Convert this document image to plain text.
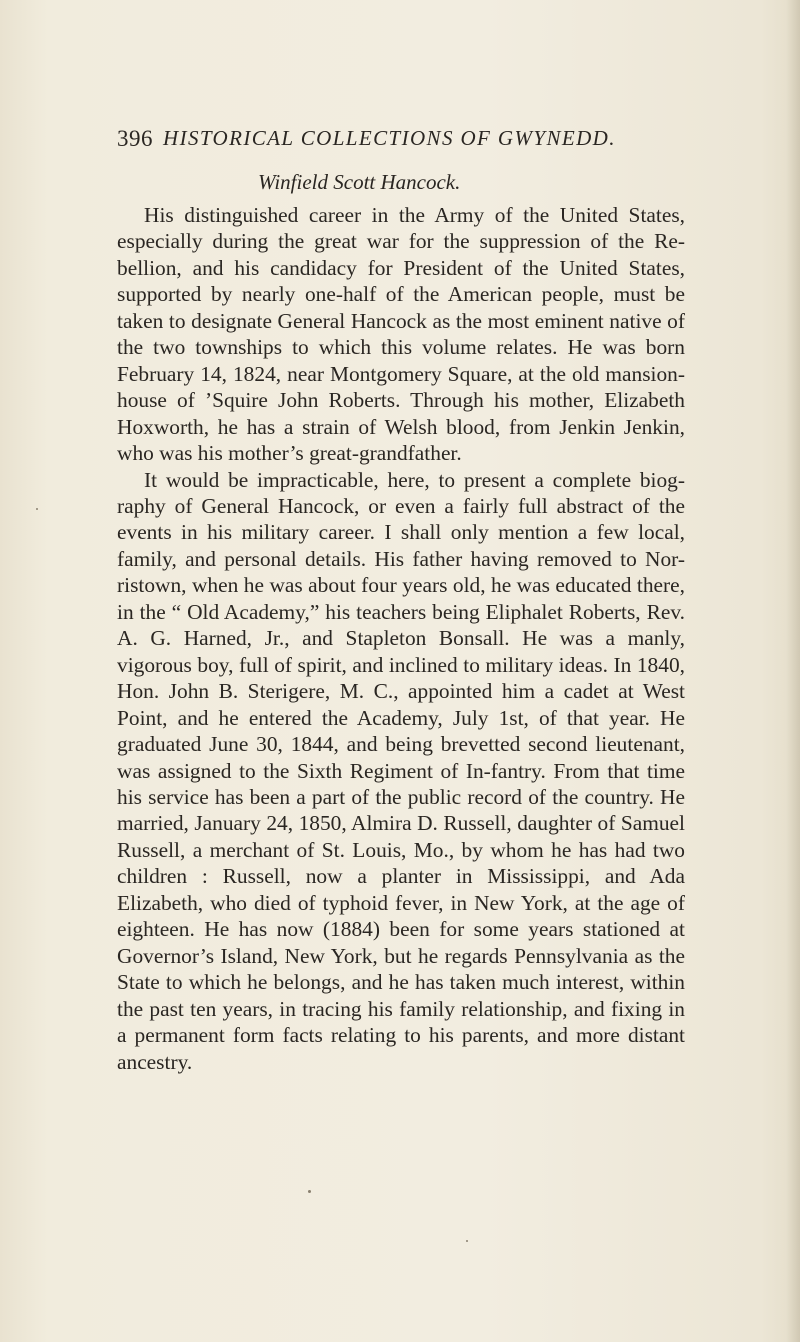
396 HISTORICAL COLLECTIONS OF GWYNEDD.
Winfield Scott Hancock.

His distinguished career in the Army of the United States, especially during the great war for the suppression of the Re-bellion, and his candidacy for President of the United States, supported by nearly one-half of the American people, must be taken to designate General Hancock as the most eminent native of the two townships to which this volume relates. He was born February 14, 1824, near Montgomery Square, at the old mansion-house of ’Squire John Roberts. Through his mother, Elizabeth Hoxworth, he has a strain of Welsh blood, from Jenkin Jenkin, who was his mother’s great-grandfather.

It would be impracticable, here, to present a complete biog-raphy of General Hancock, or even a fairly full abstract of the events in his military career. I shall only mention a few local, family, and personal details. His father having removed to Nor-ristown, when he was about four years old, he was educated there, in the “ Old Academy,” his teachers being Eliphalet Roberts, Rev. A. G. Harned, Jr., and Stapleton Bonsall. He was a manly, vigorous boy, full of spirit, and inclined to military ideas. In 1840, Hon. John B. Sterigere, M. C., appointed him a cadet at West Point, and he entered the Academy, July 1st, of that year. He graduated June 30, 1844, and being brevetted second lieutenant, was assigned to the Sixth Regiment of In-fantry. From that time his service has been a part of the public record of the country. He married, January 24, 1850, Almira D. Russell, daughter of Samuel Russell, a merchant of St. Louis, Mo., by whom he has had two children : Russell, now a planter in Mississippi, and Ada Elizabeth, who died of typhoid fever, in New York, at the age of eighteen. He has now (1884) been for some years stationed at Governor’s Island, New York, but he regards Pennsylvania as the State to which he belongs, and he has taken much interest, within the past ten years, in tracing his family relationship, and fixing in a permanent form facts relating to his parents, and more distant ancestry.
